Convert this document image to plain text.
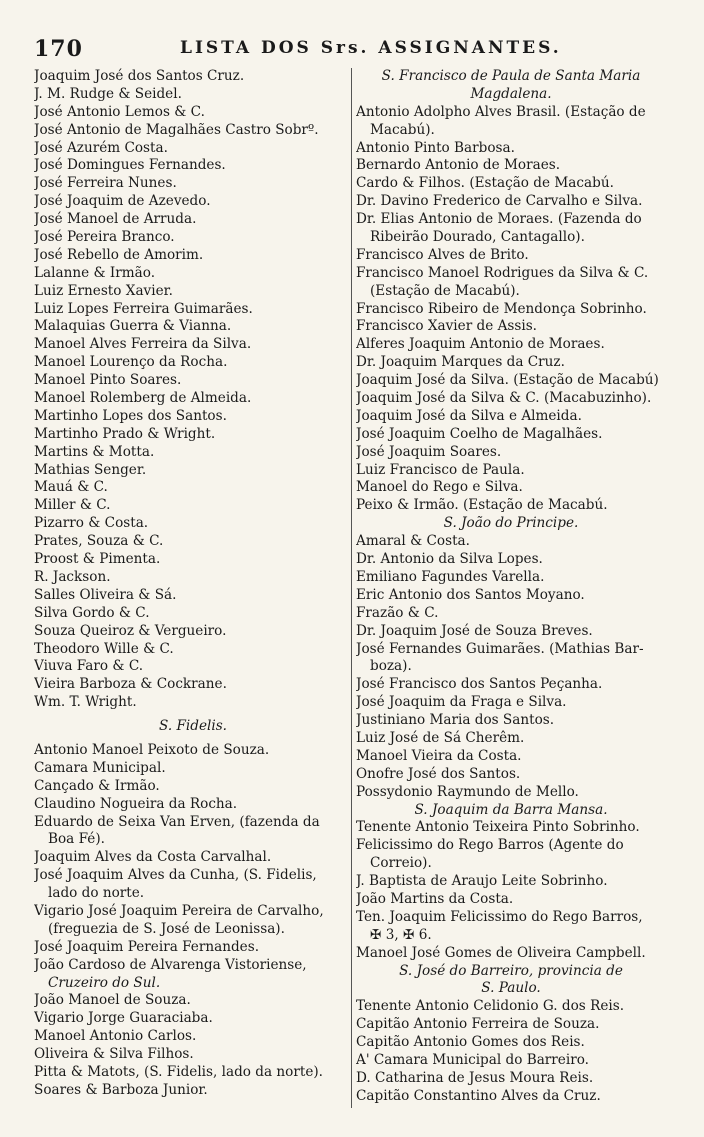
170	LISTA DOS Srs. ASSIGNANTES.
Joaquim José dos Santos Cruz.
J. M. Rudge & Seidel.
José Antonio Lemos & C.
José Antonio de Magalhães Castro Sobrº.
José Azurém Costa.
José Domingues Fernandes.
José Ferreira Nunes.
José Joaquim de Azevedo.
José Manoel de Arruda.
José Pereira Branco.
José Rebello de Amorim.
Lalanne & Irmão.
Luiz Ernesto Xavier.
Luiz Lopes Ferreira Guimarães.
Malaquias Guerra & Vianna.
Manoel Alves Ferreira da Silva.
Manoel Lourenço da Rocha.
Manoel Pinto Soares.
Manoel Rolemberg de Almeida.
Martinho Lopes dos Santos.
Martinho Prado & Wright.
Martins & Motta.
Mathias Senger.
Mauá & C.
Miller & C.
Pizarro & Costa.
Prates, Souza & C.
Proost & Pimenta.
R. Jackson.
Salles Oliveira & Sá.
Silva Gordo & C.
Souza Queiroz & Vergueiro.
Theodoro Wille & C.
Viuva Faro & C.
Vieira Barboza & Cockrane.
Wm. T. Wright.
S. Fidelis.
Antonio Manoel Peixoto de Souza.
Camara Municipal.
Cançado & Irmão.
Claudino Nogueira da Rocha.
Eduardo de Seixa Van Erven, (fazenda da
Boa Fé).
Joaquim Alves da Costa Carvalhal.
José Joaquim Alves da Cunha, (S. Fidelis,
lado do norte.
Vigario José Joaquim Pereira de Carvalho,
(freguezia de S. José de Leonissa).
José Joaquim Pereira Fernandes.
João Cardoso de Alvarenga Vistoriense,
Cruzeiro do Sul.
João Manoel de Souza.
Vigario Jorge Guaraciaba.
Manoel Antonio Carlos.
Oliveira & Silva Filhos.
Pitta & Matots, (S. Fidelis, lado da norte).
Soares & Barboza Junior.
S. Francisco de Paula de Santa Maria
Magdalena.
Antonio Adolpho Alves Brasil. (Estação de
Macabú).
Antonio Pinto Barbosa.
Bernardo Antonio de Moraes.
Cardo & Filhos. (Estação de Macabú.
Dr. Davino Frederico de Carvalho e Silva.
Dr. Elias Antonio de Moraes. (Fazenda do
Ribeirão Dourado, Cantagallo).
Francisco Alves de Brito.
Francisco Manoel Rodrigues da Silva & C.
(Estação de Macabú).
Francisco Ribeiro de Mendonça Sobrinho.
Francisco Xavier de Assis.
Alferes Joaquim Antonio de Moraes.
Dr. Joaquim Marques da Cruz.
Joaquim José da Silva. (Estação de Macabú)
Joaquim José da Silva & C. (Macabuzinho).
Joaquim José da Silva e Almeida.
José Joaquim Coelho de Magalhães.
José Joaquim Soares.
Luiz Francisco de Paula.
Manoel do Rego e Silva.
Peixo & Irmão. (Estação de Macabú.
S. João do Principe.
Amaral & Costa.
Dr. Antonio da Silva Lopes.
Emiliano Fagundes Varella.
Eric Antonio dos Santos Moyano.
Frazão & C.
Dr. Joaquim José de Souza Breves.
José Fernandes Guimarães. (Mathias Bar-
boza).
José Francisco dos Santos Peçanha.
José Joaquim da Fraga e Silva.
Justiniano Maria dos Santos.
Luiz José de Sá Cherêm.
Manoel Vieira da Costa.
Onofre José dos Santos.
Possydonio Raymundo de Mello.
S. Joaquim da Barra Mansa.
Tenente Antonio Teixeira Pinto Sobrinho.
Felicissimo do Rego Barros (Agente do
Correio).
J. Baptista de Araujo Leite Sobrinho.
João Martins da Costa.
Ten. Joaquim Felicissimo do Rego Barros,
✠ 3, ✠ 6.
Manoel José Gomes de Oliveira Campbell.
S. José do Barreiro, provincia de
S. Paulo.
Tenente Antonio Celidonio G. dos Reis.
Capitão Antonio Ferreira de Souza.
Capitão Antonio Gomes dos Reis.
A' Camara Municipal do Barreiro.
D. Catharina de Jesus Moura Reis.
Capitão Constantino Alves da Cruz.
